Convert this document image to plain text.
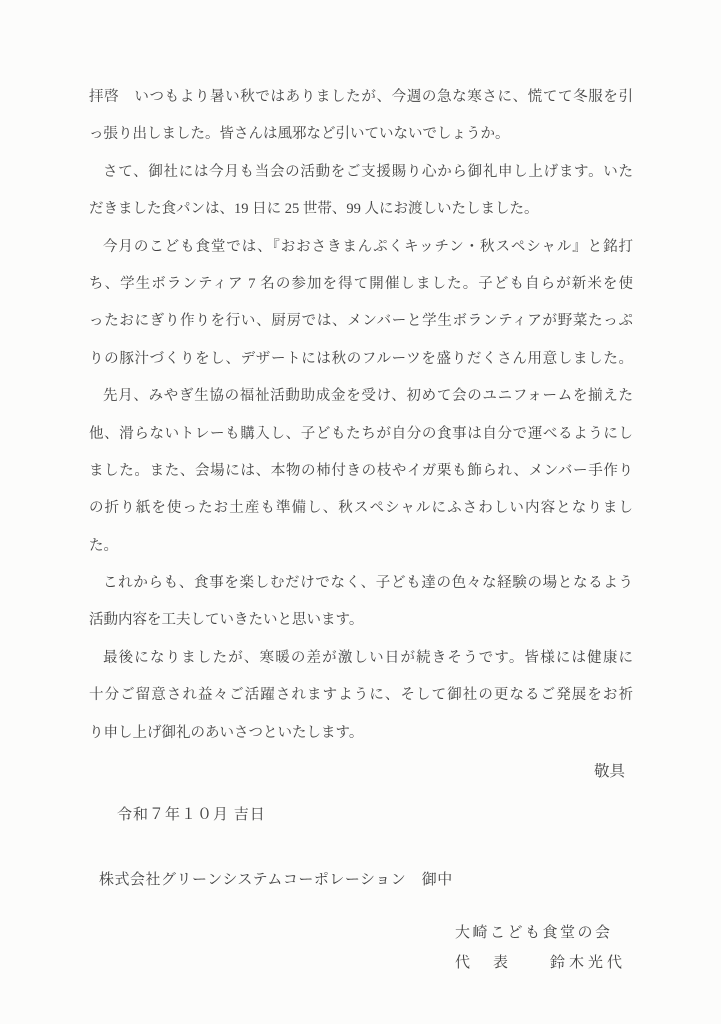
拝啓　いつもより暑い秋ではありましたが、今週の急な寒さに、慌てて冬服を引
っ張り出しました。皆さんは風邪など引いていないでしょうか。
さて、御社には今月も当会の活動をご支援賜り心から御礼申し上げます。いた
だきました食パンは、19 日に 25 世帯、99 人にお渡しいたしました。
今月のこども食堂では、『おおさきまんぷくキッチン・秋スペシャル』と銘打
ち、学生ボランティア 7 名の参加を得て開催しました。子ども自らが新米を使
ったおにぎり作りを行い、厨房では、メンバーと学生ボランティアが野菜たっぷ
りの豚汁づくりをし、デザートには秋のフルーツを盛りだくさん用意しました。
先月、みやぎ生協の福祉活動助成金を受け、初めて会のユニフォームを揃えた
他、滑らないトレーも購入し、子どもたちが自分の食事は自分で運べるようにし
ました。また、会場には、本物の柿付きの枝やイガ栗も飾られ、メンバー手作り
の折り紙を使ったお土産も準備し、秋スペシャルにふさわしい内容となりまし
た。
これからも、食事を楽しむだけでなく、子ども達の色々な経験の場となるよう
活動内容を工夫していきたいと思います。
最後になりましたが、寒暖の差が激しい日が続きそうです。皆様には健康に
十分ご留意され益々ご活躍されますように、そして御社の更なるご発展をお祈
り申し上げ御礼のあいさつといたします。
敬具
令和７年１０月 吉日
株式会社グリーンシステムコーポレーション　御中
大崎こども食堂の会
代　表　　鈴木光代
